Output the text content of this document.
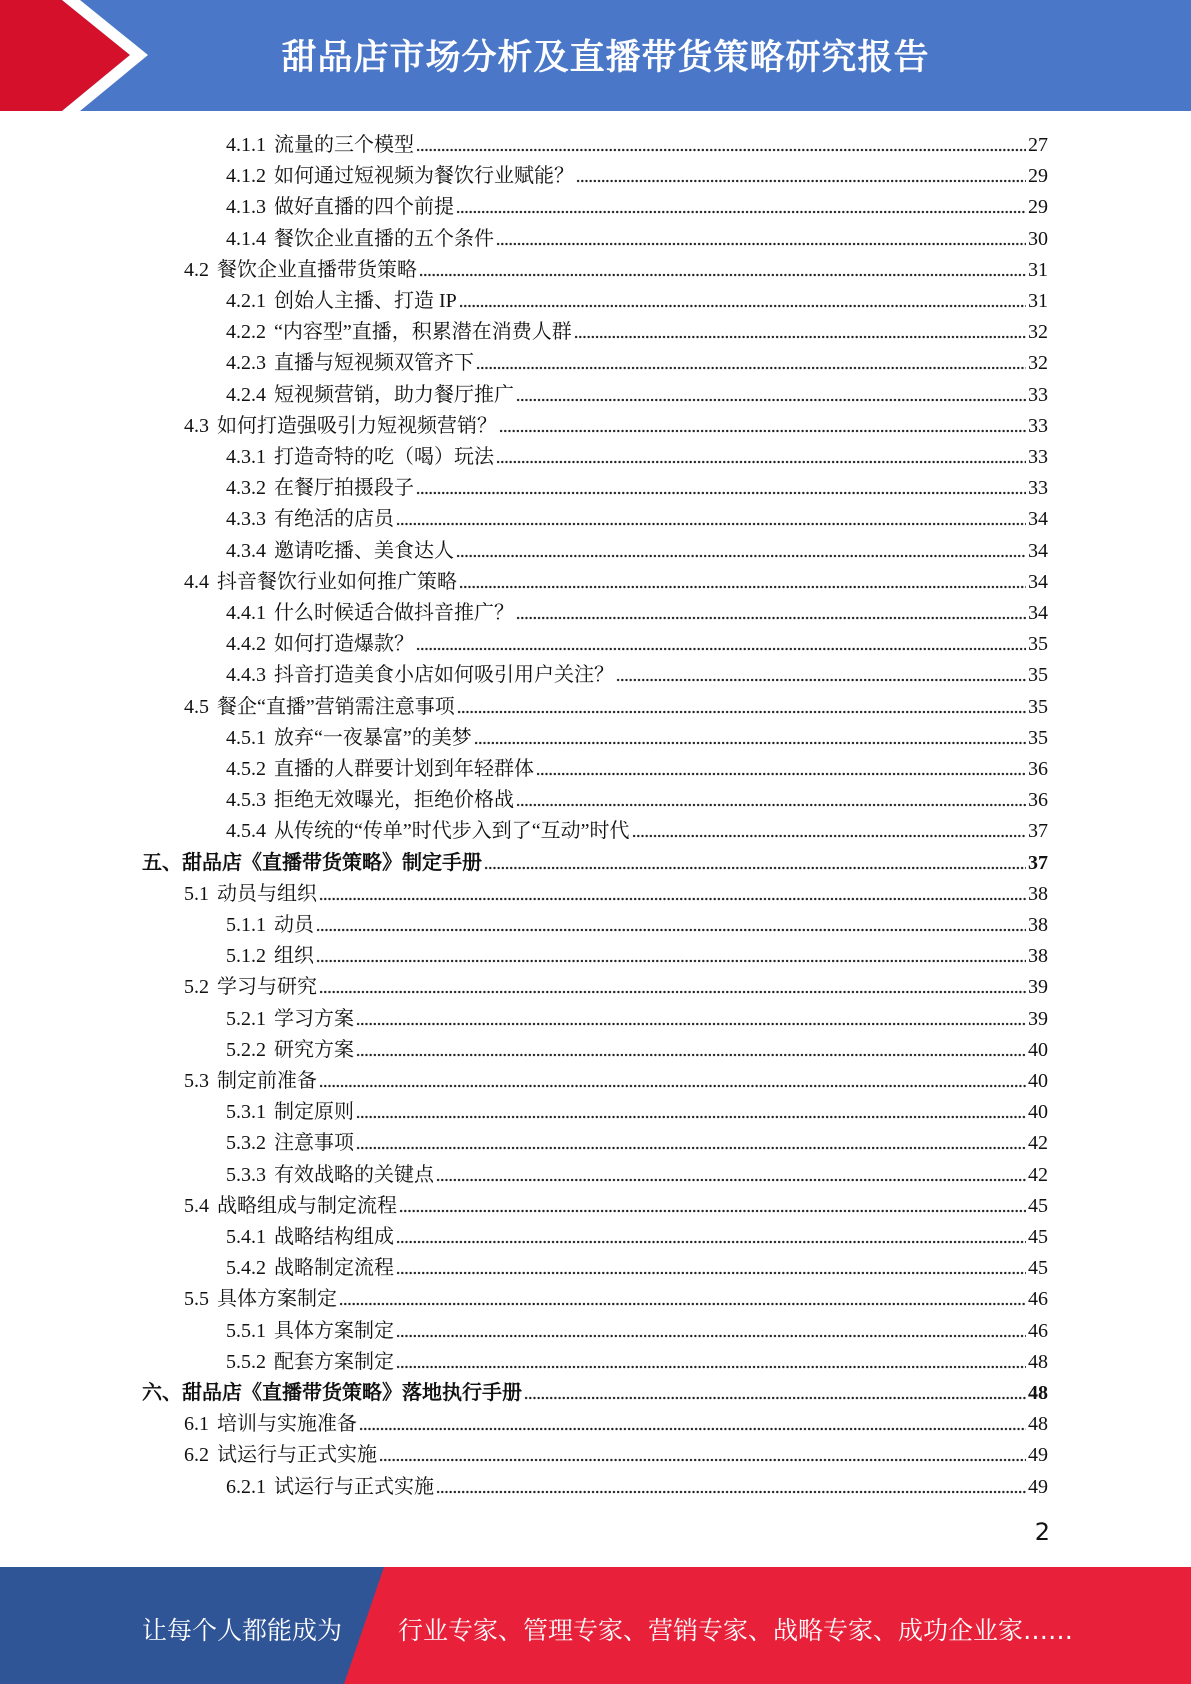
甜品店市场分析及直播带货策略研究报告
4.1.1 流量的三个模型	27
4.1.2 如何通过短视频为餐饮行业赋能？	29
4.1.3 做好直播的四个前提	29
4.1.4 餐饮企业直播的五个条件	30
4.2 餐饮企业直播带货策略	31
4.2.1 创始人主播、打造 IP	31
4.2.2 “内容型”直播，积累潜在消费人群	32
4.2.3 直播与短视频双管齐下	32
4.2.4 短视频营销，助力餐厅推广	33
4.3 如何打造强吸引力短视频营销？	33
4.3.1 打造奇特的吃（喝）玩法	33
4.3.2 在餐厅拍摄段子	33
4.3.3 有绝活的店员	34
4.3.4 邀请吃播、美食达人	34
4.4 抖音餐饮行业如何推广策略	34
4.4.1 什么时候适合做抖音推广？	34
4.4.2 如何打造爆款？	35
4.4.3 抖音打造美食小店如何吸引用户关注？	35
4.5 餐企“直播”营销需注意事项	35
4.5.1 放弃“一夜暴富”的美梦	35
4.5.2 直播的人群要计划到年轻群体	36
4.5.3 拒绝无效曝光，拒绝价格战	36
4.5.4 从传统的“传单”时代步入到了“互动”时代	37
五、甜品店《直播带货策略》制定手册	37
5.1 动员与组织	38
5.1.1 动员	38
5.1.2 组织	38
5.2 学习与研究	39
5.2.1 学习方案	39
5.2.2 研究方案	40
5.3 制定前准备	40
5.3.1 制定原则	40
5.3.2 注意事项	42
5.3.3 有效战略的关键点	42
5.4 战略组成与制定流程	45
5.4.1 战略结构组成	45
5.4.2 战略制定流程	45
5.5 具体方案制定	46
5.5.1 具体方案制定	46
5.5.2 配套方案制定	48
六、甜品店《直播带货策略》落地执行手册	48
6.1 培训与实施准备	48
6.2 试运行与正式实施	49
6.2.1 试运行与正式实施	49
2
让每个人都能成为 行业专家、管理专家、营销专家、战略专家、成功企业家……
